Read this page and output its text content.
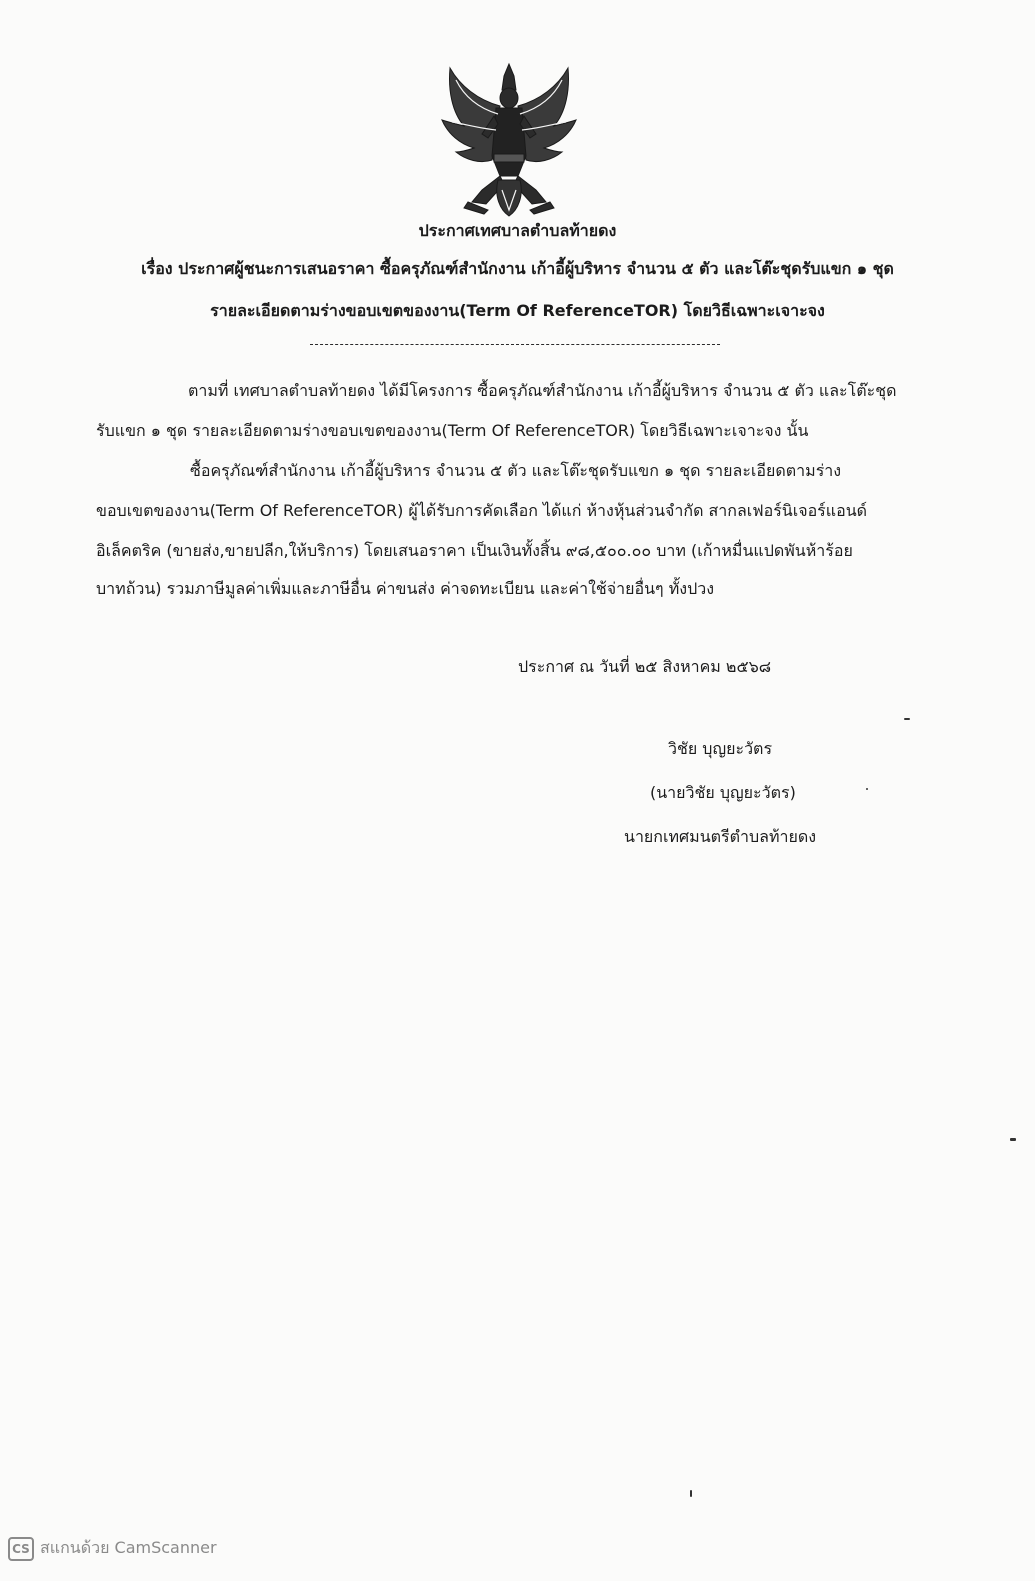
ประกาศเทศบาลตำบลท้ายดง
เรื่อง ประกาศผู้ชนะการเสนอราคา ซื้อครุภัณฑ์สำนักงาน เก้าอี้ผู้บริหาร จำนวน ๕ ตัว และโต๊ะชุดรับแขก ๑ ชุด
รายละเอียดตามร่างขอบเขตของงาน(Term Of ReferenceTOR) โดยวิธีเฉพาะเจาะจง
ตามที่ เทศบาลตำบลท้ายดง ได้มีโครงการ ซื้อครุภัณฑ์สำนักงาน เก้าอี้ผู้บริหาร จำนวน ๕ ตัว และโต๊ะชุด
รับแขก ๑ ชุด รายละเอียดตามร่างขอบเขตของงาน(Term Of ReferenceTOR) โดยวิธีเฉพาะเจาะจง นั้น
ซื้อครุภัณฑ์สำนักงาน เก้าอี้ผู้บริหาร จำนวน ๕ ตัว และโต๊ะชุดรับแขก ๑ ชุด รายละเอียดตามร่าง
ขอบเขตของงาน(Term Of ReferenceTOR) ผู้ได้รับการคัดเลือก ได้แก่ ห้างหุ้นส่วนจำกัด สากลเฟอร์นิเจอร์แอนด์
อิเล็คตริค (ขายส่ง,ขายปลีก,ให้บริการ) โดยเสนอราคา เป็นเงินทั้งสิ้น ๙๘,๕๐๐.๐๐ บาท (เก้าหมื่นแปดพันห้าร้อย
บาทถ้วน) รวมภาษีมูลค่าเพิ่มและภาษีอื่น ค่าขนส่ง ค่าจดทะเบียน และค่าใช้จ่ายอื่นๆ ทั้งปวง
ประกาศ ณ วันที่ ๒๕ สิงหาคม ๒๕๖๘
วิชัย บุญยะวัตร
(นายวิชัย บุญยะวัตร)
นายกเทศมนตรีตำบลท้ายดง
CS สแกนด้วย CamScanner
